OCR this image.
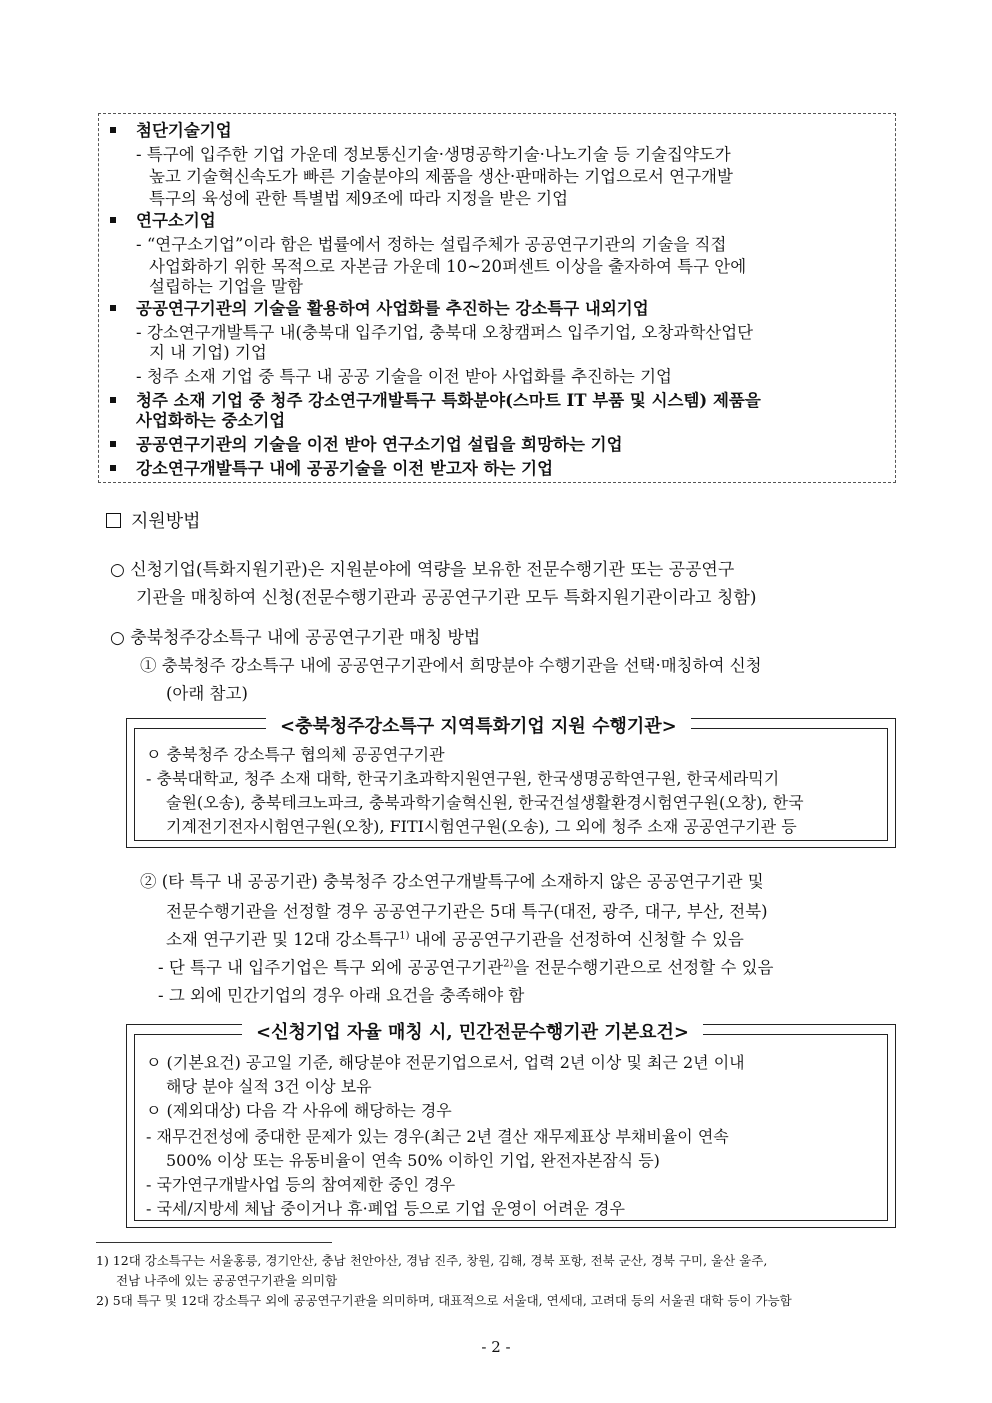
첨단기술기업
- 특구에 입주한 기업 가운데 정보통신기술·생명공학기술·나노기술 등 기술집약도가
높고 기술혁신속도가 빠른 기술분야의 제품을 생산·판매하는 기업으로서 연구개발
특구의 육성에 관한 특별법 제9조에 따라 지정을 받은 기업
연구소기업
- “연구소기업”이라 함은 법률에서 정하는 설립주체가 공공연구기관의 기술을 직접
사업화하기 위한 목적으로 자본금 가운데 10~20퍼센트 이상을 출자하여 특구 안에
설립하는 기업을 말함
공공연구기관의 기술을 활용하여 사업화를 추진하는 강소특구 내외기업
- 강소연구개발특구 내(충북대 입주기업, 충북대 오창캠퍼스 입주기업, 오창과학산업단
지 내 기업) 기업
- 청주 소재 기업 중 특구 내 공공 기술을 이전 받아 사업화를 추진하는 기업
청주 소재 기업 중 청주 강소연구개발특구 특화분야(스마트 IT 부품 및 시스템) 제품을
사업화하는 중소기업
공공연구기관의 기술을 이전 받아 연구소기업 설립을 희망하는 기업
강소연구개발특구 내에 공공기술을 이전 받고자 하는 기업
지원방법
○ 신청기업(특화지원기관)은 지원분야에 역량을 보유한 전문수행기관 또는 공공연구
기관을 매칭하여 신청(전문수행기관과 공공연구기관 모두 특화지원기관이라고 칭함)
○ 충북청주강소특구 내에 공공연구기관 매칭 방법
① 충북청주 강소특구 내에 공공연구기관에서 희망분야 수행기관을 선택·매칭하여 신청
(아래 참고)
<충북청주강소특구 지역특화기업 지원 수행기관>
ㅇ 충북청주 강소특구 협의체 공공연구기관
- 충북대학교, 청주 소재 대학, 한국기초과학지원연구원, 한국생명공학연구원, 한국세라믹기
술원(오송), 충북테크노파크, 충북과학기술혁신원, 한국건설생활환경시험연구원(오창), 한국
기계전기전자시험연구원(오창), FITI시험연구원(오송), 그 외에 청주 소재 공공연구기관 등
② (타 특구 내 공공기관) 충북청주 강소연구개발특구에 소재하지 않은 공공연구기관 및
전문수행기관을 선정할 경우 공공연구기관은 5대 특구(대전, 광주, 대구, 부산, 전북)
소재 연구기관 및 12대 강소특구$^{1)}$ 내에 공공연구기관을 선정하여 신청할 수 있음
- 단 특구 내 입주기업은 특구 외에 공공연구기관$^{2)}$을 전문수행기관으로 선정할 수 있음
- 그 외에 민간기업의 경우 아래 요건을 충족해야 함
<신청기업 자율 매칭 시, 민간전문수행기관 기본요건>
ㅇ (기본요건) 공고일 기준, 해당분야 전문기업으로서, 업력 2년 이상 및 최근 2년 이내
해당 분야 실적 3건 이상 보유
ㅇ (제외대상) 다음 각 사유에 해당하는 경우
- 재무건전성에 중대한 문제가 있는 경우(최근 2년 결산 재무제표상 부채비율이 연속
500% 이상 또는 유동비율이 연속 50% 이하인 기업, 완전자본잠식 등)
- 국가연구개발사업 등의 참여제한 중인 경우
- 국세/지방세 체납 중이거나 휴·폐업 등으로 기업 운영이 어려운 경우
1) 12대 강소특구는 서울홍릉, 경기안산, 충남 천안아산, 경남 진주, 창원, 김해, 경북 포항, 전북 군산, 경북 구미, 울산 울주,
전남 나주에 있는 공공연구기관을 의미함
2) 5대 특구 및 12대 강소특구 외에 공공연구기관을 의미하며, 대표적으로 서울대, 연세대, 고려대 등의 서울권 대학 등이 가능함
- 2 -
